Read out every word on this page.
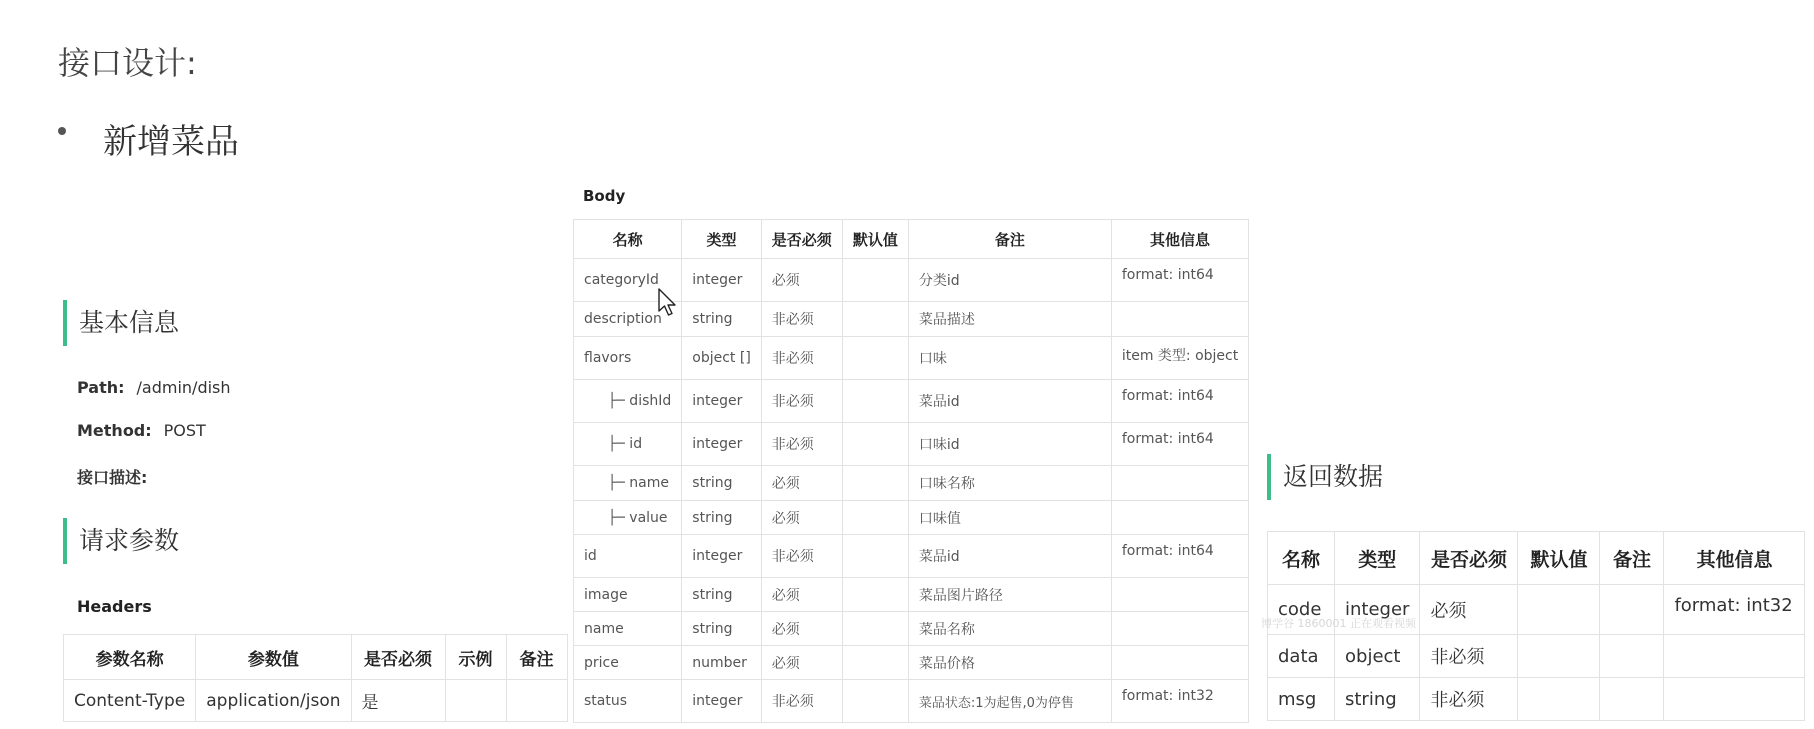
接口设计:
新增菜品
基本信息
Path: /admin/dish
Method: POST
接口描述:
请求参数
Headers
参数名称	参数值	是否必须	示例	备注
Content-Type	application/json	是		
Body
名称	类型	是否必须	默认值	备注	其他信息
categoryId	integer	必须		分类id	format: int64
description	string	非必须		菜品描述	
flavors	object []	非必须		口味	item 类型: object
├─ dishId	integer	非必须		菜品id	format: int64
├─ id	integer	非必须		口味id	format: int64
├─ name	string	必须		口味名称	
├─ value	string	必须		口味值	
id	integer	非必须		菜品id	format: int64
image	string	必须		菜品图片路径	
name	string	必须		菜品名称	
price	number	必须		菜品价格	
status	integer	非必须		菜品状态:1为起售,0为停售	format: int32
返回数据
名称	类型	是否必须	默认值	备注	其他信息
code	integer	必须			format: int32
data	object	非必须			
msg	string	非必须			
博学谷 1860001 正在观看视频
